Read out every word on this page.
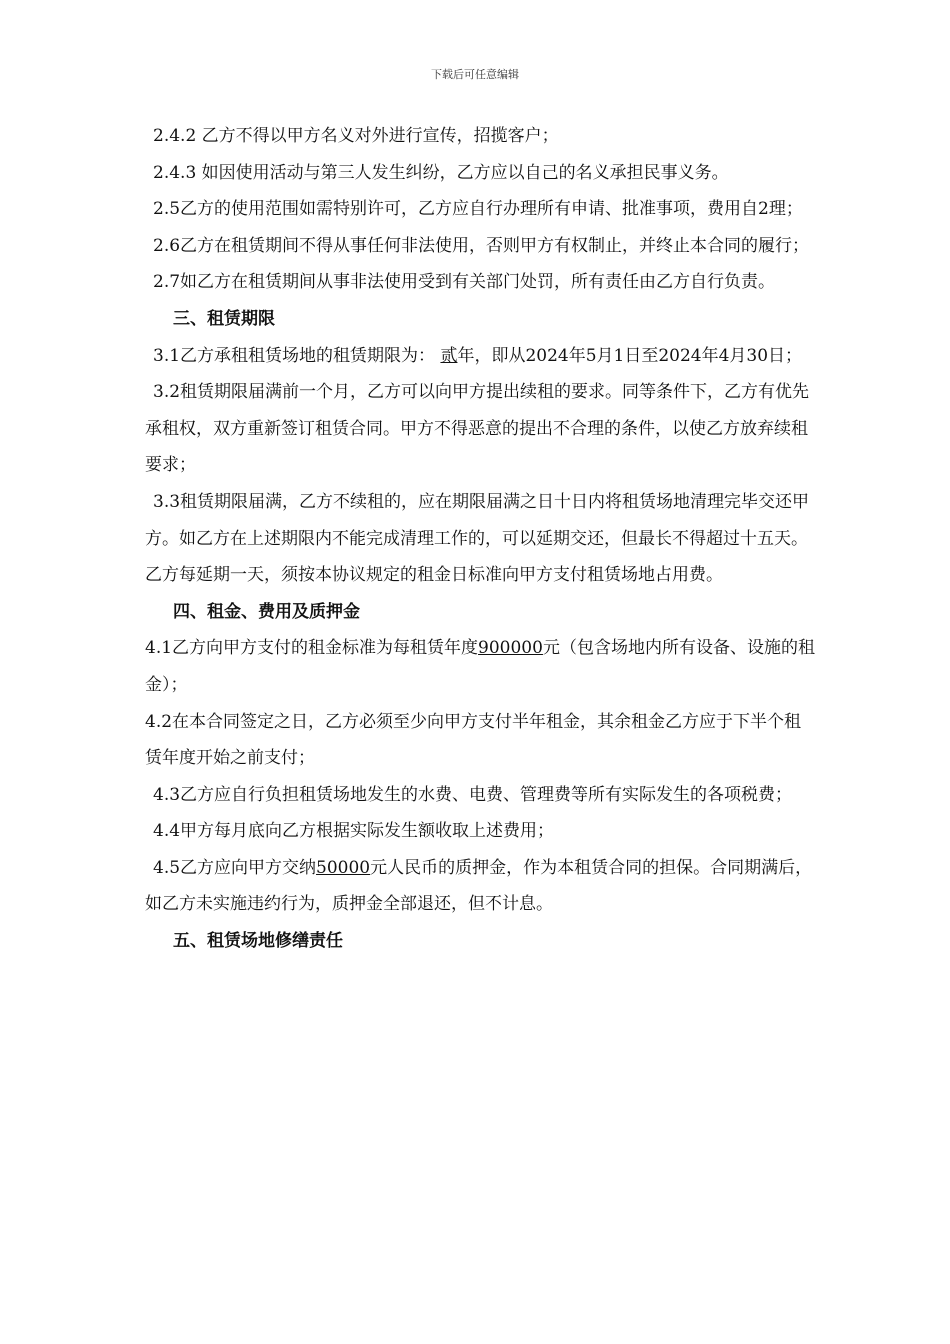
下载后可任意编辑

2.4.2 乙方不得以甲方名义对外进行宣传，招揽客户；

2.4.3 如因使用活动与第三人发生纠纷，乙方应以自己的名义承担民事义务。

2.5乙方的使用范围如需特别许可，乙方应自行办理所有申请、批准事项，费用自2理；

2.6乙方在租赁期间不得从事任何非法使用，否则甲方有权制止，并终止本合同的履行；

2.7如乙方在租赁期间从事非法使用受到有关部门处罚，所有责任由乙方自行负责。

三、租赁期限

3.1乙方承租租赁场地的租赁期限为： 贰年，即从2024年5月1日至2024年4月30日；

3.2租赁期限届满前一个月，乙方可以向甲方提出续租的要求。同等条件下，乙方有优先承租权，双方重新签订租赁合同。甲方不得恶意的提出不合理的条件，以使乙方放弃续租要求；

3.3租赁期限届满，乙方不续租的，应在期限届满之日十日内将租赁场地清理完毕交还甲方。如乙方在上述期限内不能完成清理工作的，可以延期交还，但最长不得超过十五天。乙方每延期一天，须按本协议规定的租金日标准向甲方支付租赁场地占用费。

四、租金、费用及质押金

4.1乙方向甲方支付的租金标准为每租赁年度900000元（包含场地内所有设备、设施的租金）；

4.2在本合同签定之日，乙方必须至少向甲方支付半年租金，其余租金乙方应于下半个租赁年度开始之前支付；

4.3乙方应自行负担租赁场地发生的水费、电费、管理费等所有实际发生的各项税费；

4.4甲方每月底向乙方根据实际发生额收取上述费用；

4.5乙方应向甲方交纳50000元人民币的质押金，作为本租赁合同的担保。合同期满后，如乙方未实施违约行为，质押金全部退还，但不计息。

五、租赁场地修缮责任
